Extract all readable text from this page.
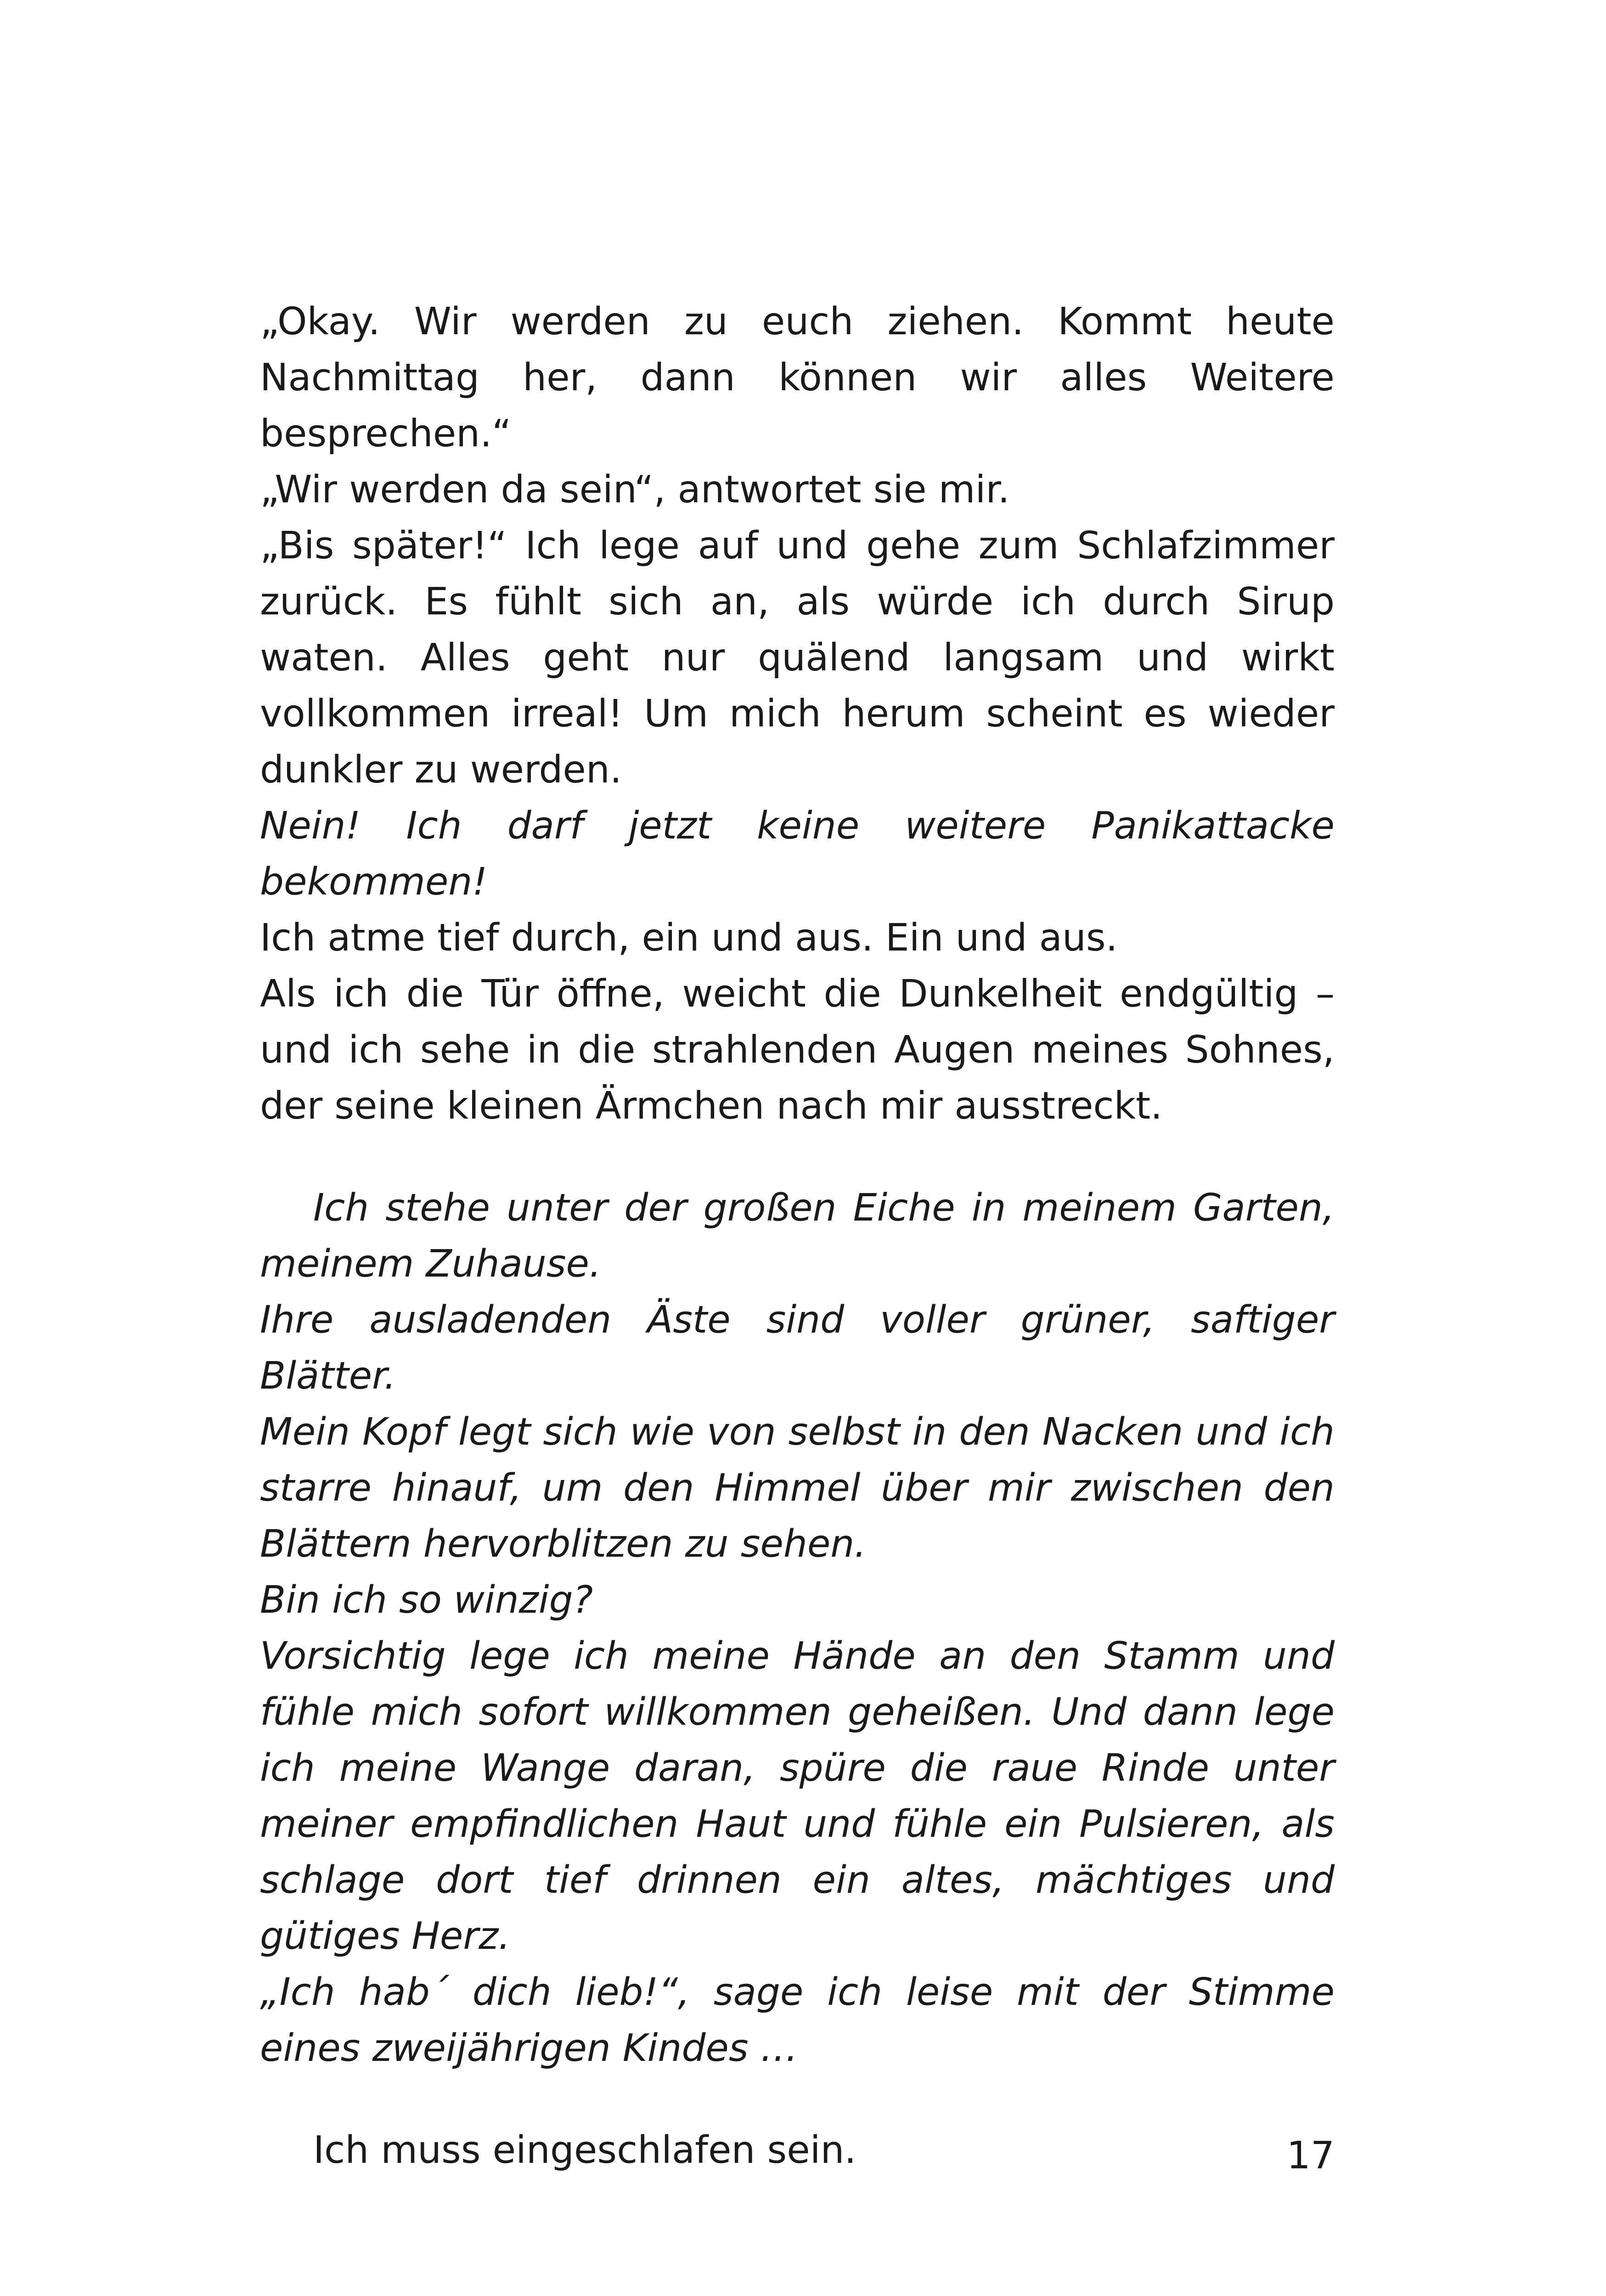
„Okay. Wir werden zu euch ziehen. Kommt heute Nachmittag her, dann können wir alles Weitere besprechen.“

„Wir werden da sein“, antwortet sie mir.

„Bis später!“ Ich lege auf und gehe zum Schlafzimmer zurück. Es fühlt sich an, als würde ich durch Sirup waten. Alles geht nur quälend langsam und wirkt vollkommen irreal! Um mich herum scheint es wieder dunkler zu werden.

Nein! Ich darf jetzt keine weitere Panikattacke bekommen!

Ich atme tief durch, ein und aus. Ein und aus.

Als ich die Tür öffne, weicht die Dunkelheit endgültig – und ich sehe in die strahlenden Augen meines Sohnes, der seine kleinen Ärmchen nach mir ausstreckt.

Ich stehe unter der großen Eiche in meinem Garten, meinem Zuhause.

Ihre ausladenden Äste sind voller grüner, saftiger Blätter.

Mein Kopf legt sich wie von selbst in den Nacken und ich starre hinauf, um den Himmel über mir zwischen den Blättern hervorblitzen zu sehen.

Bin ich so winzig?

Vorsichtig lege ich meine Hände an den Stamm und fühle mich sofort willkommen geheißen. Und dann lege ich meine Wange daran, spüre die raue Rinde unter meiner empfindlichen Haut und fühle ein Pulsieren, als schlage dort tief drinnen ein altes, mächtiges und gütiges Herz.

„Ich hab´ dich lieb!“, sage ich leise mit der Stimme eines zweijährigen Kindes …

Ich muss eingeschlafen sein.	17
